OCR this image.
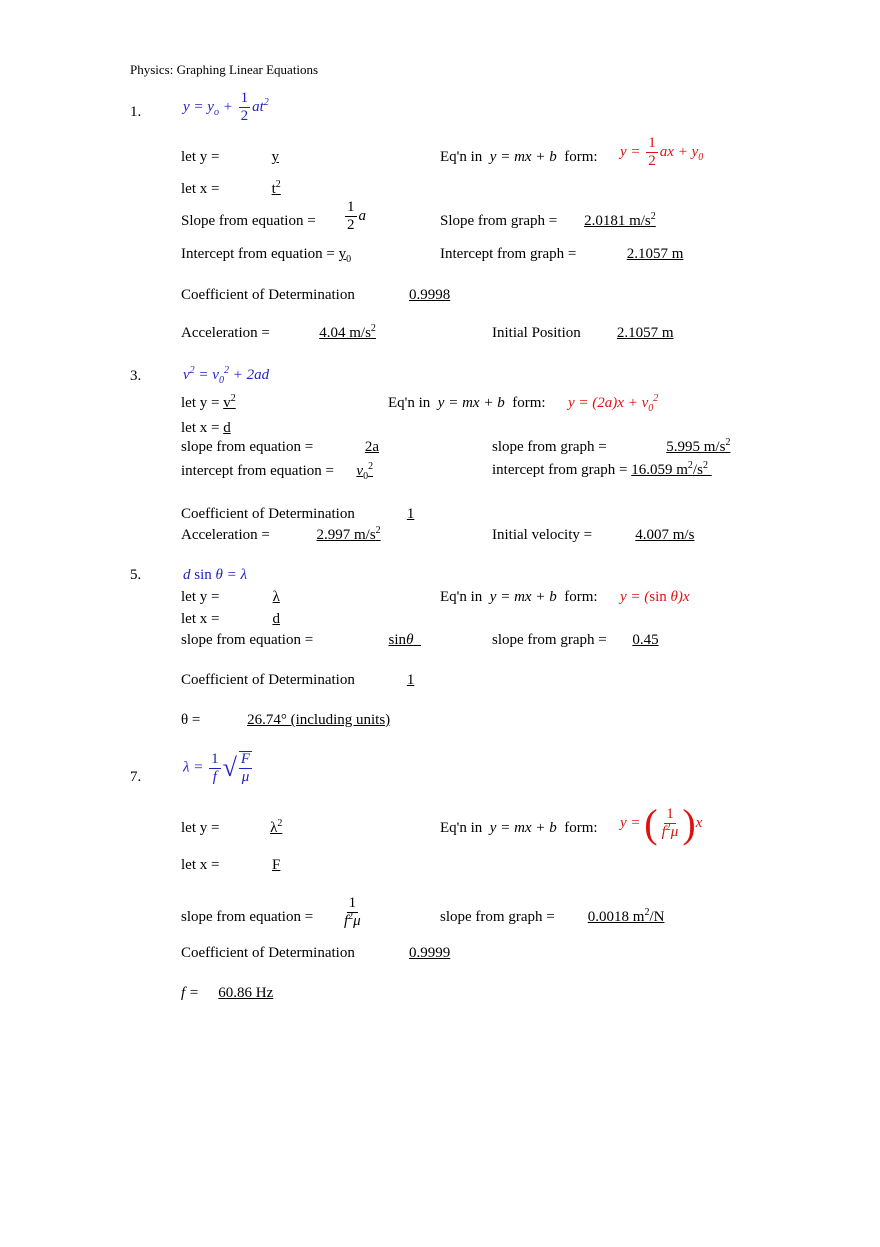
Physics: Graphing Linear Equations
1.	$y = y_o + \frac{1}{2} at^2$
let y =	y	Eq'n in y = mx + b form: $y = \frac{1}{2}$ ax + $y_0$
let x =	$t^2$
Slope from equation = $\frac{1}{2}$ a	Slope from graph = 2.0181 $m/s^2$
Intercept from equation = $y_0$	Intercept from graph =	2.1057 m
Coefficient of Determination	0.9998
Acceleration =	4.04 $m/s^2$	Initial Position 2.1057 m
3.	$v^2 = v_0^2 + 2ad$
let $y = v^2$	Eq'n in y = mx + b form: $y = (2a)x + v_0^2$
let x = d
slope from equation =	2a	slope from graph =	5.995 $m/s^2$
intercept from equation = $v_0^2$	intercept from graph = 16.059 $m^2/s^2$
Coefficient of Determination	1
Acceleration =	2.997 $m/s^2$	Initial velocity =	4.007 m/s
5.	d sin θ = λ
let y =	λ	Eq'n in y = mx + b form: y = (sin θ)x
let x =	d
slope from equation =	sinθ	slope from graph = 0.45
Coefficient of Determination	1
θ =	26.74° (including units)
7.
$\lambda = \frac{1}{f}$ √ $\frac{F}{\mu}$
let y =	$\lambda^2$	Eq'n in y = mx + b form: y = ( $\frac{1}{f^2\mu} )x$
let x =	F
slope from equation = $\frac{1}{f^2\mu}$	slope from graph = 0.0018 $m^2/N$
Coefficient of Determination	0.9999
f = 60.86 Hz
